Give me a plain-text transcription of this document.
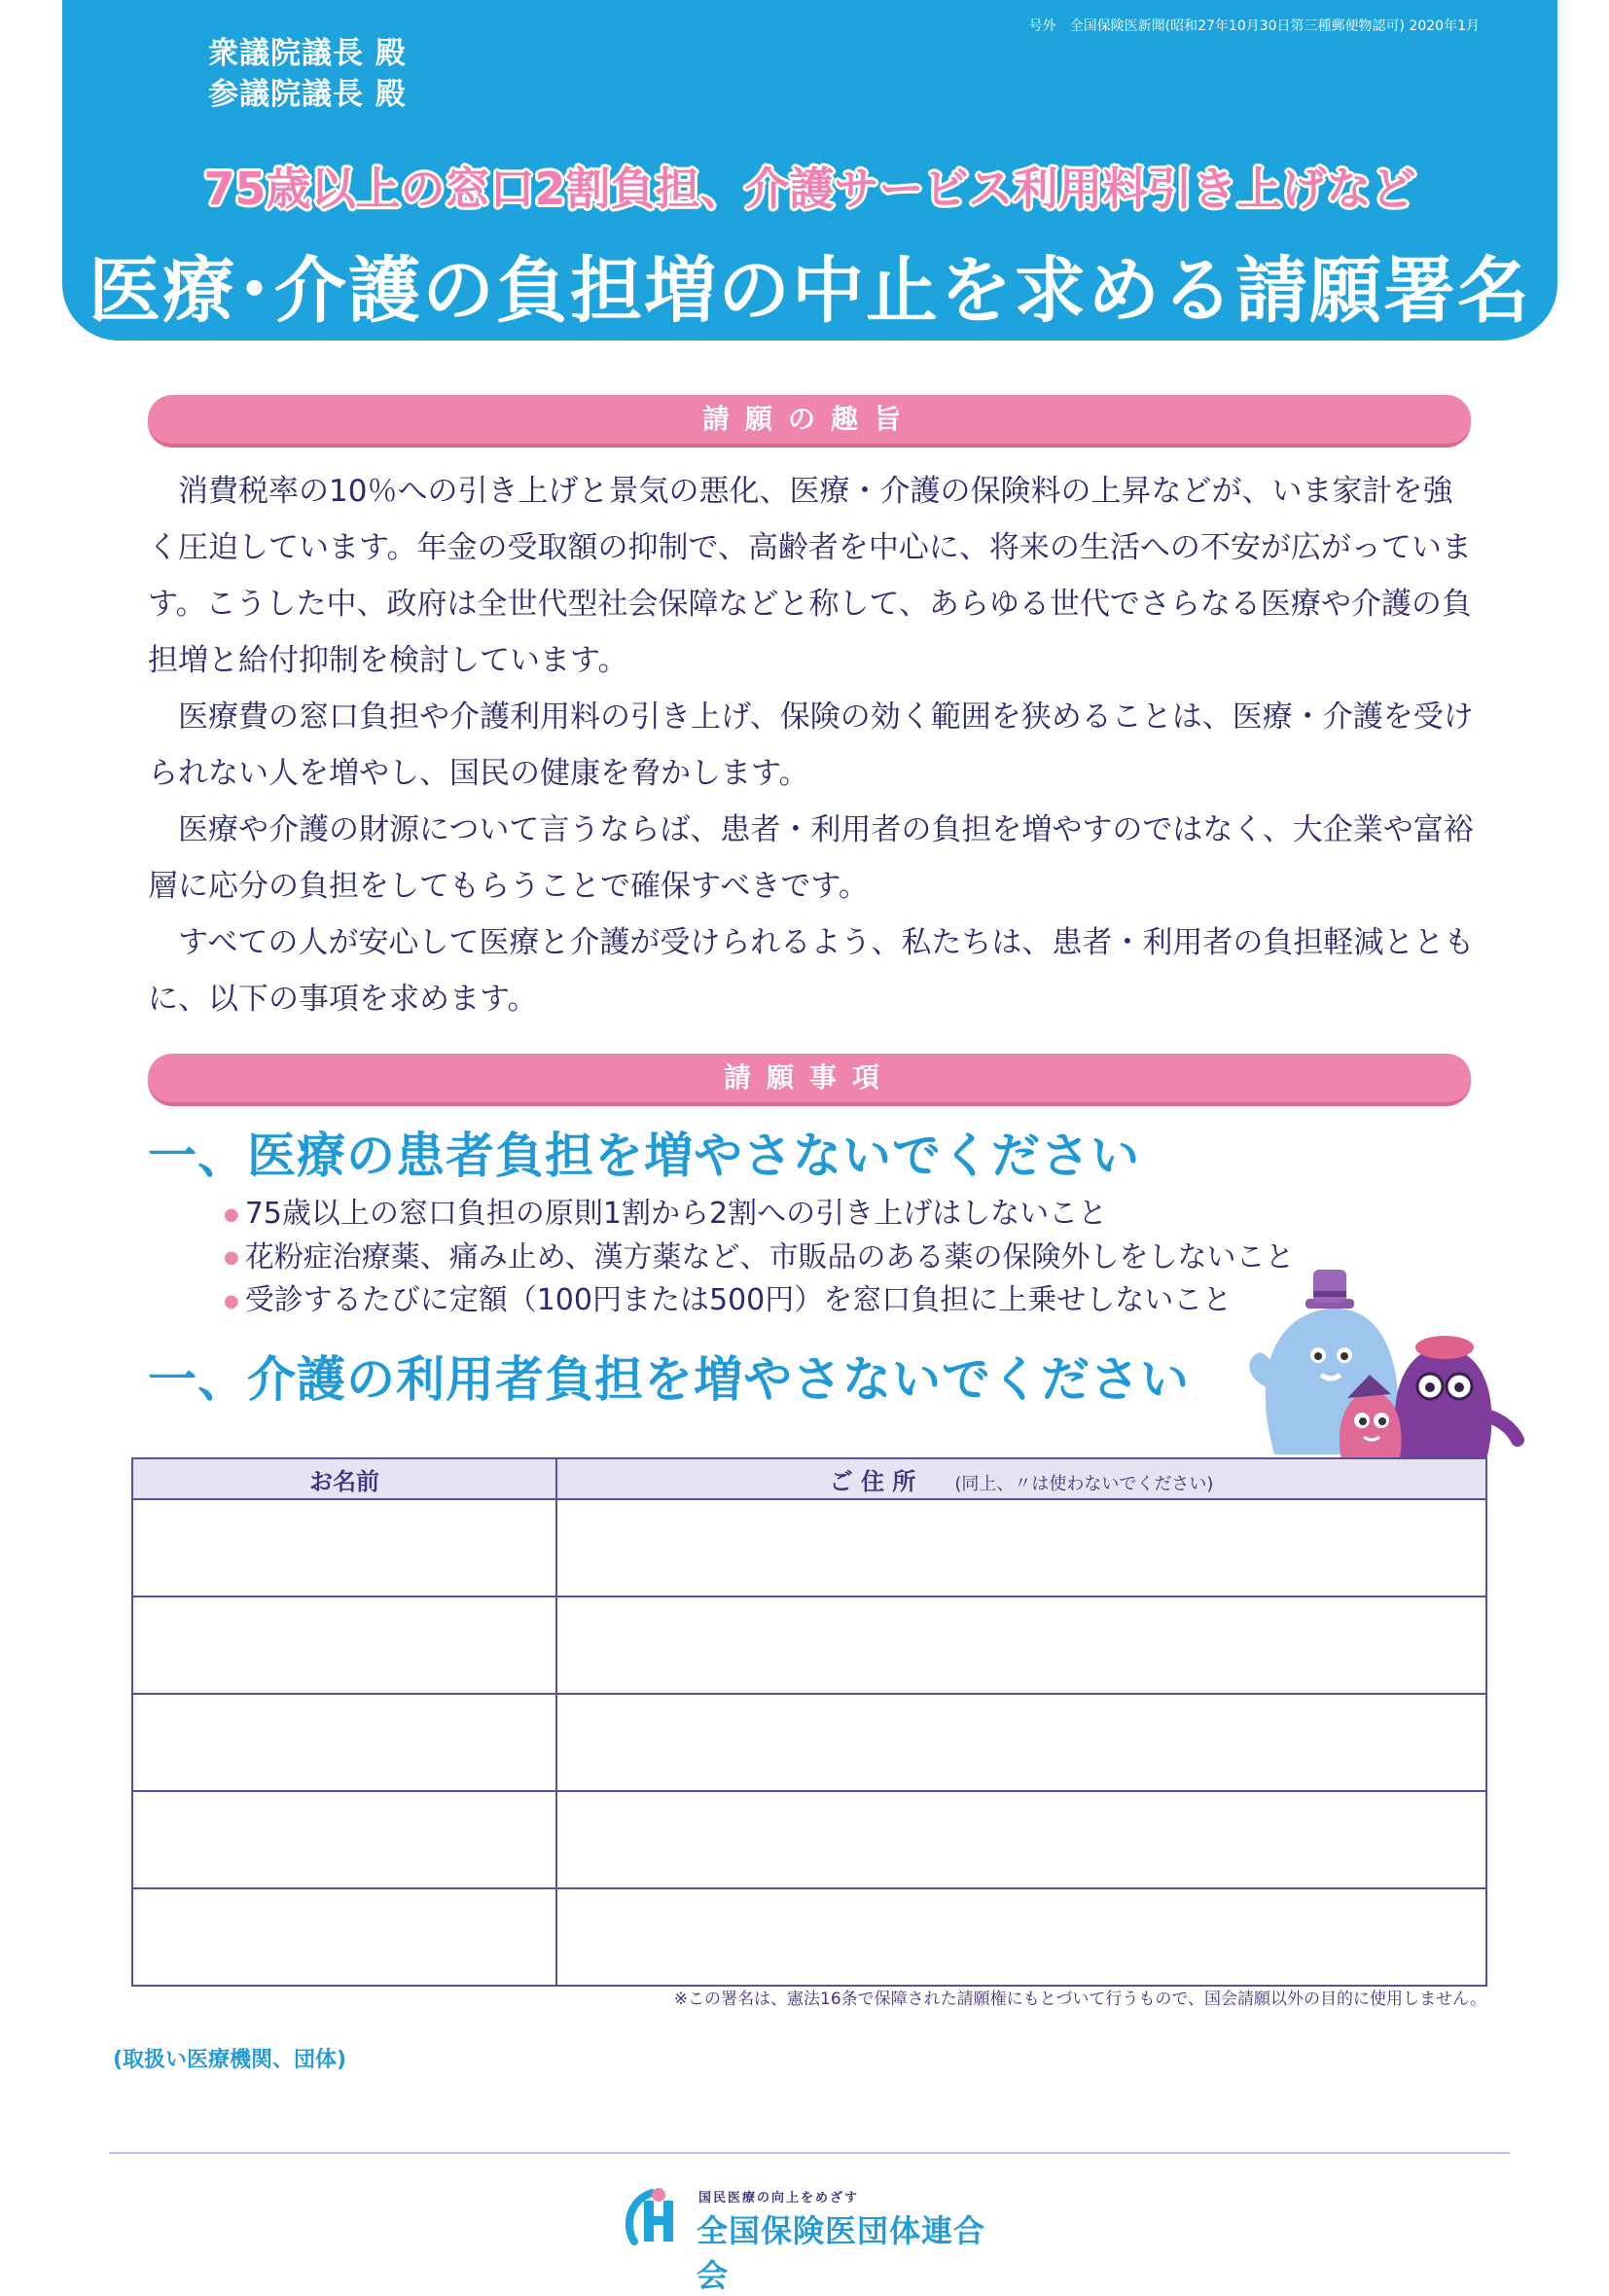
衆議院議長 殿
参議院議長 殿
号外　全国保険医新聞(昭和27年10月30日第三種郵便物認可) 2020年1月
75歳以上の窓口2割負担、介護サービス利用料引き上げなど
医療･介護の負担増の中止を求める請願署名
請願の趣旨

消費税率の10％への引き上げと景気の悪化、医療・介護の保険料の上昇などが、いま家計を強く圧迫しています。年金の受取額の抑制で、高齢者を中心に、将来の生活への不安が広がっています。こうした中、政府は全世代型社会保障などと称して、あらゆる世代でさらなる医療や介護の負担増と給付抑制を検討しています。

医療費の窓口負担や介護利用料の引き上げ、保険の効く範囲を狭めることは、医療・介護を受けられない人を増やし、国民の健康を脅かします。

医療や介護の財源について言うならば、患者・利用者の負担を増やすのではなく、大企業や富裕層に応分の負担をしてもらうことで確保すべきです。

すべての人が安心して医療と介護が受けられるよう、私たちは、患者・利用者の負担軽減とともに、以下の事項を求めます。

請願事項
一、医療の患者負担を増やさないでください
● 75歳以上の窓口負担の原則1割から2割への引き上げはしないこと
● 花粉症治療薬、痛み止め、漢方薬など、市販品のある薬の保険外しをしないこと
● 受診するたびに定額（100円または500円）を窓口負担に上乗せしないこと
一、介護の利用者負担を増やさないでください
お名前	ご 住 所 (同上、〃は使わないでください)

※この署名は、憲法16条で保障された請願権にもとづいて行うもので、国会請願以外の目的に使用しません。
(取扱い医療機関、団体)
国民医療の向上をめざす
全国保険医団体連合会
